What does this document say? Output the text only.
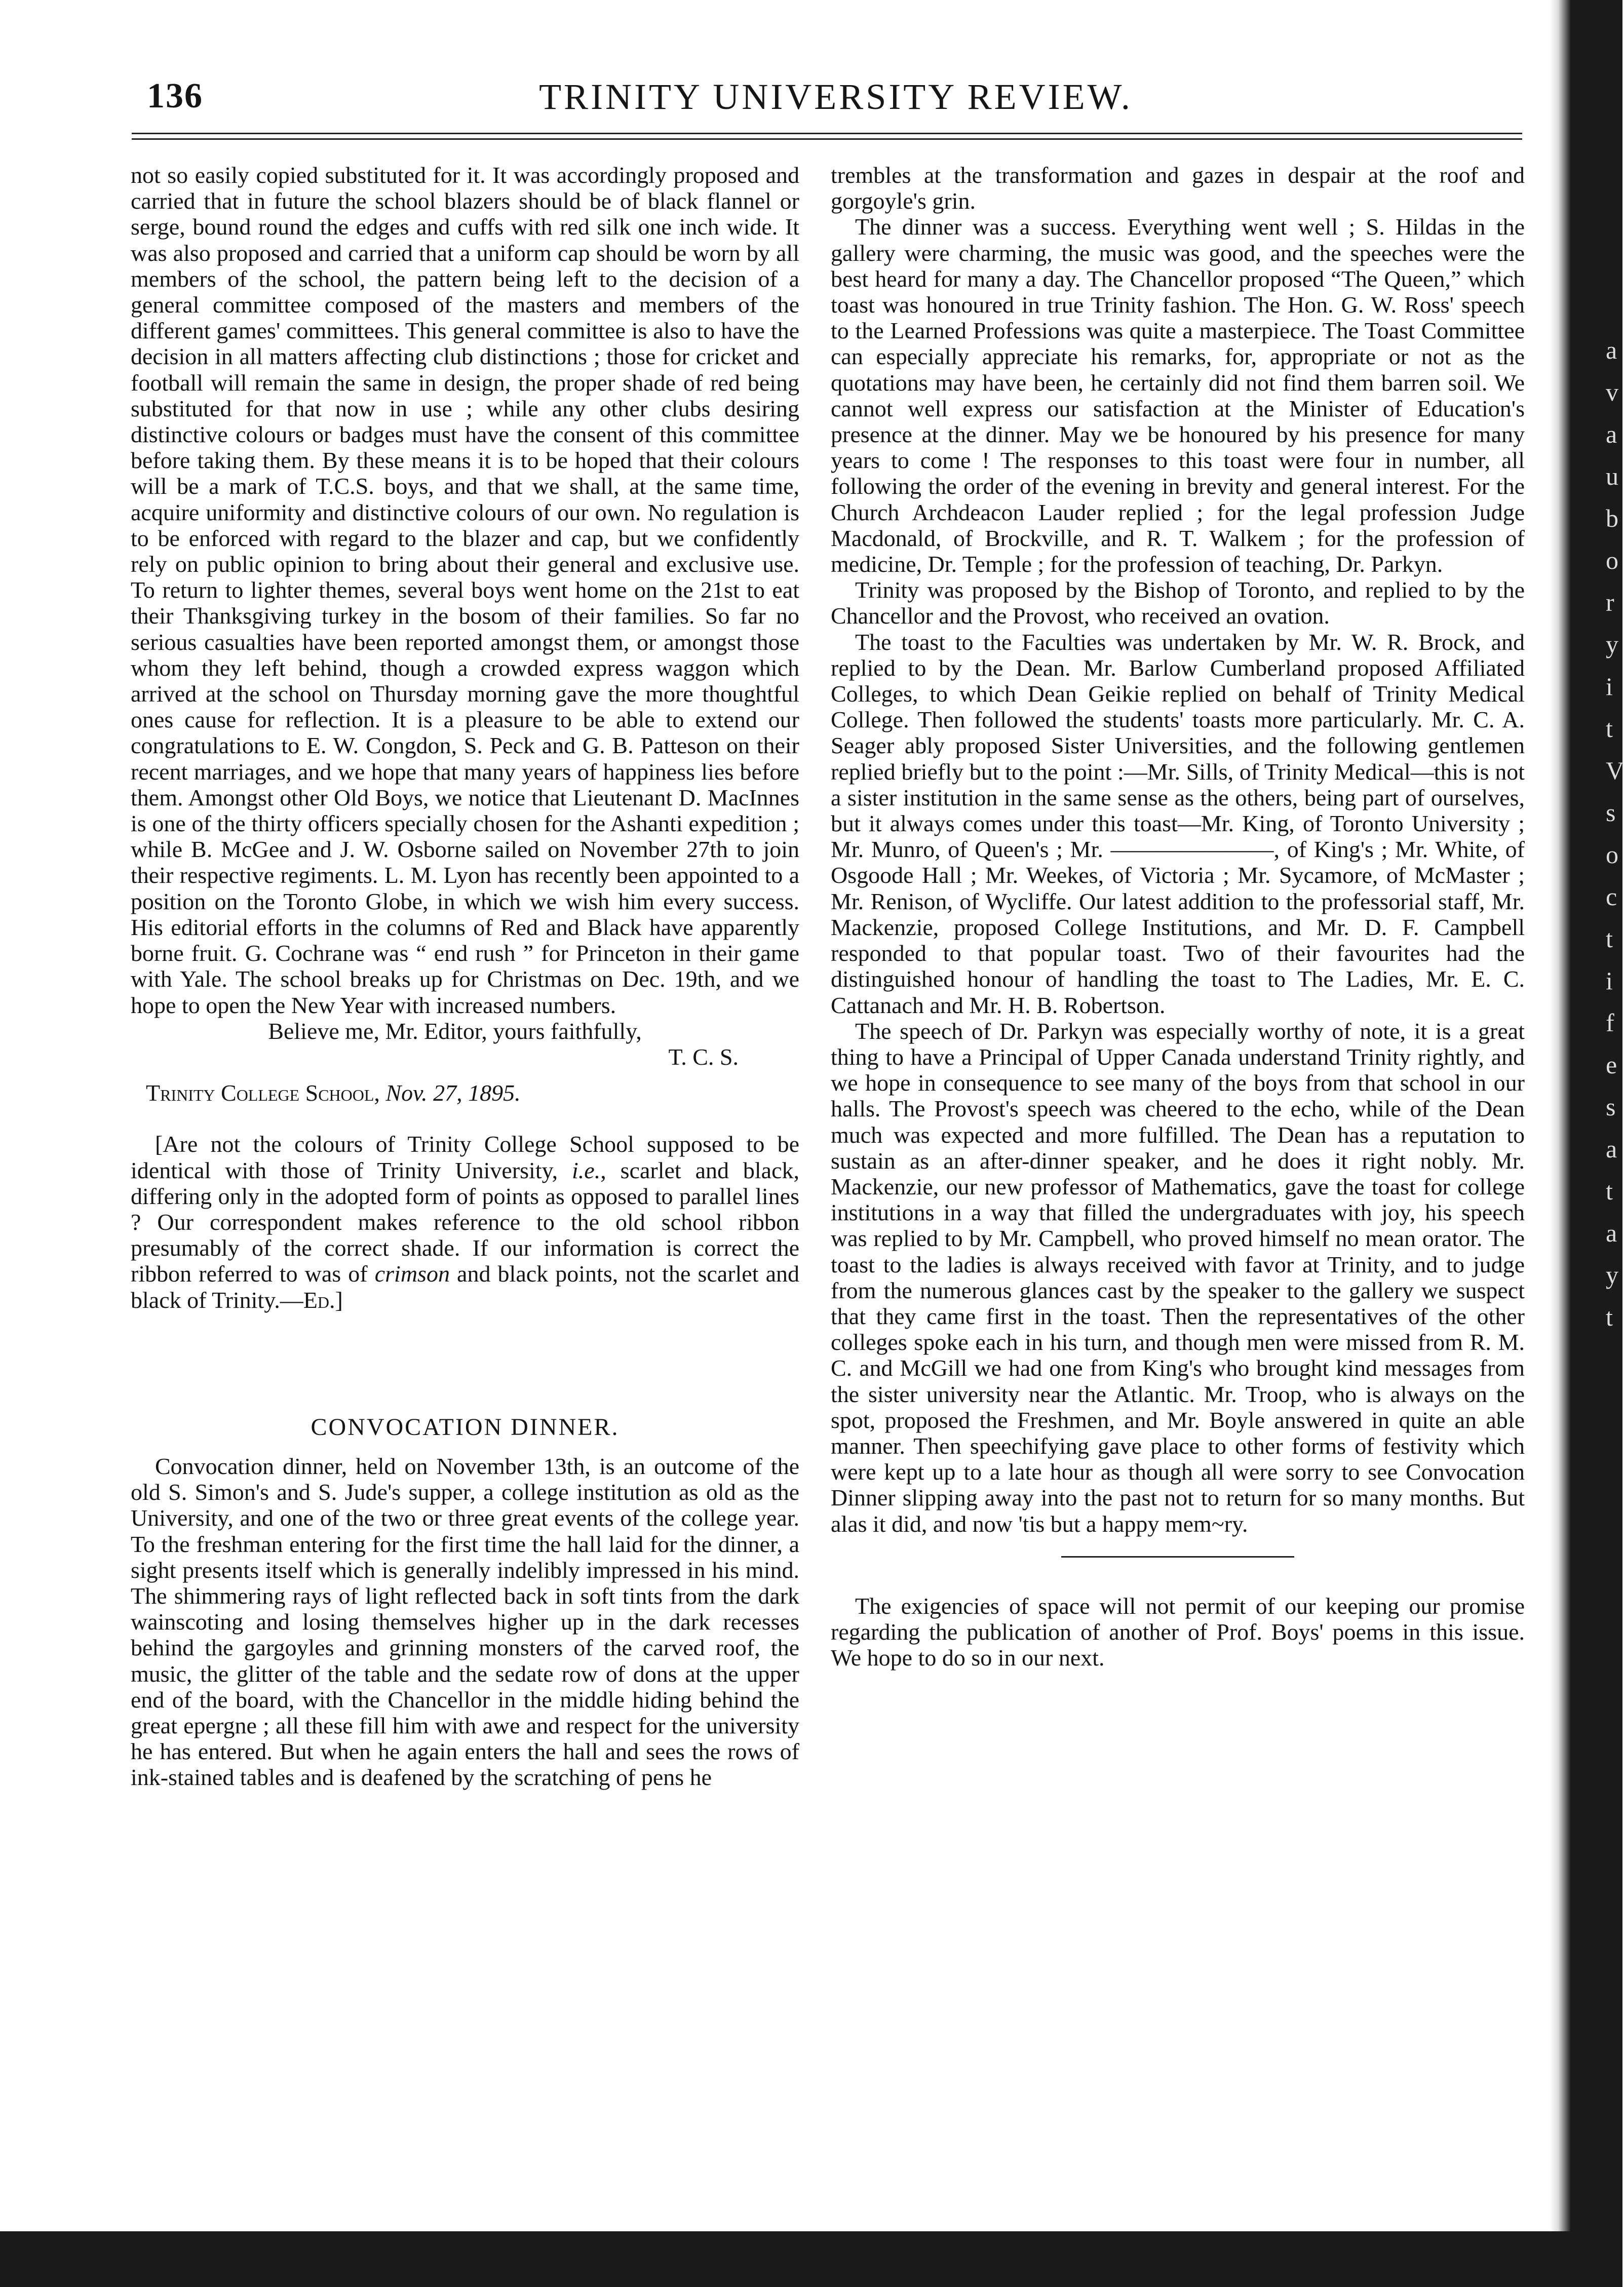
a v a u b o r y i t V s o c t i f e s a t a y t
136	TRINITY UNIVERSITY REVIEW.

not so easily copied substituted for it. It was accordingly proposed and carried that in future the school blazers should be of black flannel or serge, bound round the edges and cuffs with red silk one inch wide. It was also proposed and carried that a uniform cap should be worn by all members of the school, the pattern being left to the decision of a general committee composed of the masters and members of the different games' committees. This general committee is also to have the decision in all matters affecting club distinctions ; those for cricket and football will remain the same in design, the proper shade of red being substituted for that now in use ; while any other clubs desiring distinctive colours or badges must have the consent of this committee before taking them. By these means it is to be hoped that their colours will be a mark of T.C.S. boys, and that we shall, at the same time, acquire uniformity and distinctive colours of our own. No regulation is to be enforced with regard to the blazer and cap, but we confidently rely on public opinion to bring about their general and exclusive use. To return to lighter themes, several boys went home on the 21st to eat their Thanksgiving turkey in the bosom of their families. So far no serious casualties have been reported amongst them, or amongst those whom they left behind, though a crowded express waggon which arrived at the school on Thursday morning gave the more thoughtful ones cause for reflection. It is a pleasure to be able to extend our congratulations to E. W. Congdon, S. Peck and G. B. Patteson on their recent marriages, and we hope that many years of happiness lies before them. Amongst other Old Boys, we notice that Lieutenant D. MacInnes is one of the thirty officers specially chosen for the Ashanti expedition ; while B. McGee and J. W. Osborne sailed on November 27th to join their respective regiments. L. M. Lyon has recently been appointed to a position on the Toronto Globe, in which we wish him every success. His editorial efforts in the columns of Red and Black have apparently borne fruit. G. Cochrane was “ end rush ” for Princeton in their game with Yale. The school breaks up for Christmas on Dec. 19th, and we hope to open the New Year with increased numbers.

Believe me, Mr. Editor, yours faithfully,

T. C. S.

Trinity College School, Nov. 27, 1895.

[Are not the colours of Trinity College School supposed to be identical with those of Trinity University, i.e., scarlet and black, differing only in the adopted form of points as opposed to parallel lines ? Our correspondent makes reference to the old school ribbon presumably of the correct shade. If our information is correct the ribbon referred to was of crimson and black points, not the scarlet and black of Trinity.—Ed.]

CONVOCATION DINNER.

Convocation dinner, held on November 13th, is an outcome of the old S. Simon's and S. Jude's supper, a college institution as old as the University, and one of the two or three great events of the college year. To the freshman entering for the first time the hall laid for the dinner, a sight presents itself which is generally indelibly impressed in his mind. The shimmering rays of light reflected back in soft tints from the dark wainscoting and losing themselves higher up in the dark recesses behind the gargoyles and grinning monsters of the carved roof, the music, the glitter of the table and the sedate row of dons at the upper end of the board, with the Chancellor in the middle hiding behind the great epergne ; all these fill him with awe and respect for the university he has entered. But when he again enters the hall and sees the rows of ink-stained tables and is deafened by the scratching of pens he

trembles at the transformation and gazes in despair at the roof and gorgoyle's grin.

The dinner was a success. Everything went well ; S. Hildas in the gallery were charming, the music was good, and the speeches were the best heard for many a day. The Chancellor proposed “The Queen,” which toast was honoured in true Trinity fashion. The Hon. G. W. Ross' speech to the Learned Professions was quite a masterpiece. The Toast Committee can especially appreciate his remarks, for, appropriate or not as the quotations may have been, he certainly did not find them barren soil. We cannot well express our satisfaction at the Minister of Education's presence at the dinner. May we be honoured by his presence for many years to come ! The responses to this toast were four in number, all following the order of the evening in brevity and general interest. For the Church Archdeacon Lauder replied ; for the legal profession Judge Macdonald, of Brockville, and R. T. Walkem ; for the profession of medicine, Dr. Temple ; for the profession of teaching, Dr. Parkyn.

Trinity was proposed by the Bishop of Toronto, and replied to by the Chancellor and the Provost, who received an ovation.

The toast to the Faculties was undertaken by Mr. W. R. Brock, and replied to by the Dean. Mr. Barlow Cumberland proposed Affiliated Colleges, to which Dean Geikie replied on behalf of Trinity Medical College. Then followed the students' toasts more particularly. Mr. C. A. Seager ably proposed Sister Universities, and the following gentlemen replied briefly but to the point :—Mr. Sills, of Trinity Medical—this is not a sister institution in the same sense as the others, being part of ourselves, but it always comes under this toast—Mr. King, of Toronto University ; Mr. Munro, of Queen's ; Mr. ———————, of King's ; Mr. White, of Osgoode Hall ; Mr. Weekes, of Victoria ; Mr. Sycamore, of McMaster ; Mr. Renison, of Wycliffe. Our latest addition to the professorial staff, Mr. Mackenzie, proposed College Institutions, and Mr. D. F. Campbell responded to that popular toast. Two of their favourites had the distinguished honour of handling the toast to The Ladies, Mr. E. C. Cattanach and Mr. H. B. Robertson.

The speech of Dr. Parkyn was especially worthy of note, it is a great thing to have a Principal of Upper Canada understand Trinity rightly, and we hope in consequence to see many of the boys from that school in our halls. The Provost's speech was cheered to the echo, while of the Dean much was expected and more fulfilled. The Dean has a reputation to sustain as an after-dinner speaker, and he does it right nobly. Mr. Mackenzie, our new professor of Mathematics, gave the toast for college institutions in a way that filled the undergraduates with joy, his speech was replied to by Mr. Campbell, who proved himself no mean orator. The toast to the ladies is always received with favor at Trinity, and to judge from the numerous glances cast by the speaker to the gallery we suspect that they came first in the toast. Then the representatives of the other colleges spoke each in his turn, and though men were missed from R. M. C. and McGill we had one from King's who brought kind messages from the sister university near the Atlantic. Mr. Troop, who is always on the spot, proposed the Freshmen, and Mr. Boyle answered in quite an able manner. Then speechifying gave place to other forms of festivity which were kept up to a late hour as though all were sorry to see Convocation Dinner slipping away into the past not to return for so many months. But alas it did, and now 'tis but a happy mem~ry.

The exigencies of space will not permit of our keeping our promise regarding the publication of another of Prof. Boys' poems in this issue. We hope to do so in our next.
